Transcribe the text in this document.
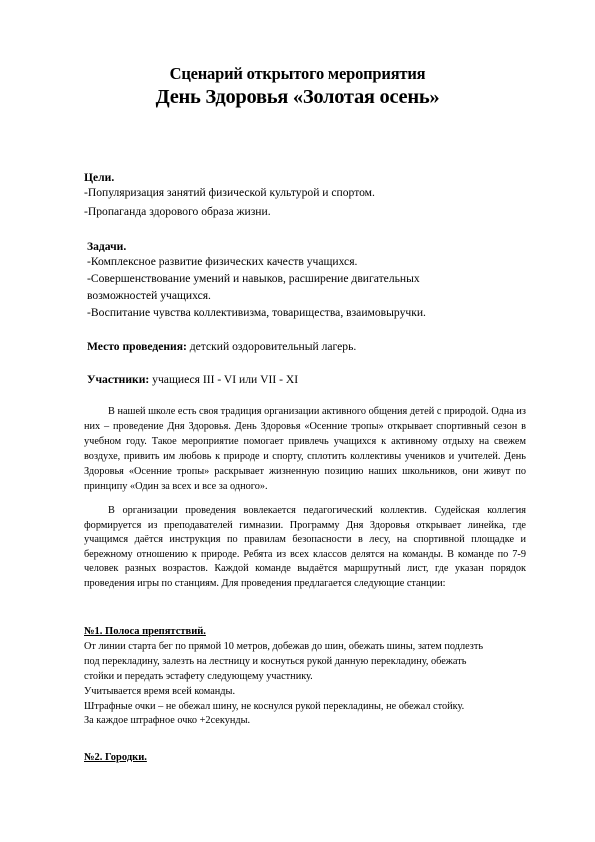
Сценарий открытого мероприятия
День Здоровья «Золотая осень»
Цели.
-Популяризация занятий физической культурой и спортом.
-Пропаганда здорового образа жизни.
Задачи.
-Комплексное развитие физических качеств учащихся.
-Совершенствование умений и навыков, расширение двигательных
возможностей учащихся.
-Воспитание чувства коллективизма, товарищества, взаимовыручки.
Место проведения: детский оздоровительный лагерь.
Участники: учащиеся III - VI или VII - XI

В нашей школе есть своя традиция организации активного общения детей с природой. Одна из них – проведение Дня Здоровья. День Здоровья «Осенние тропы» открывает спортивный сезон в учебном году. Такое мероприятие помогает привлечь учащихся к активному отдыху на свежем воздухе, привить им любовь к природе и спорту, сплотить коллективы учеников и учителей. День Здоровья «Осенние тропы» раскрывает жизненную позицию наших школьников, они живут по принципу «Один за всех и все за одного».

В организации проведения вовлекается педагогический коллектив. Судейская коллегия формируется из преподавателей гимназии. Программу Дня Здоровья открывает линейка, где учащимся даётся инструкция по правилам безопасности в лесу, на спортивной площадке и бережному отношению к природе. Ребята из всех классов делятся на команды. В команде по 7-9 человек разных возрастов. Каждой команде выдаётся маршрутный лист, где указан порядок проведения игры по станциям. Для проведения предлагается следующие станции:

№1. Полоса препятствий.
От линии старта бег по прямой 10 метров, добежав до шин, обежать шины, затем подлезть
под перекладину, залезть на лестницу и коснуться рукой данную перекладину, обежать
стойки и передать эстафету следующему участнику.
Учитывается время всей команды.
Штрафные очки – не обежал шину, не коснулся рукой перекладины, не обежал стойку.
За каждое штрафное очко +2секунды.
№2. Городки.
